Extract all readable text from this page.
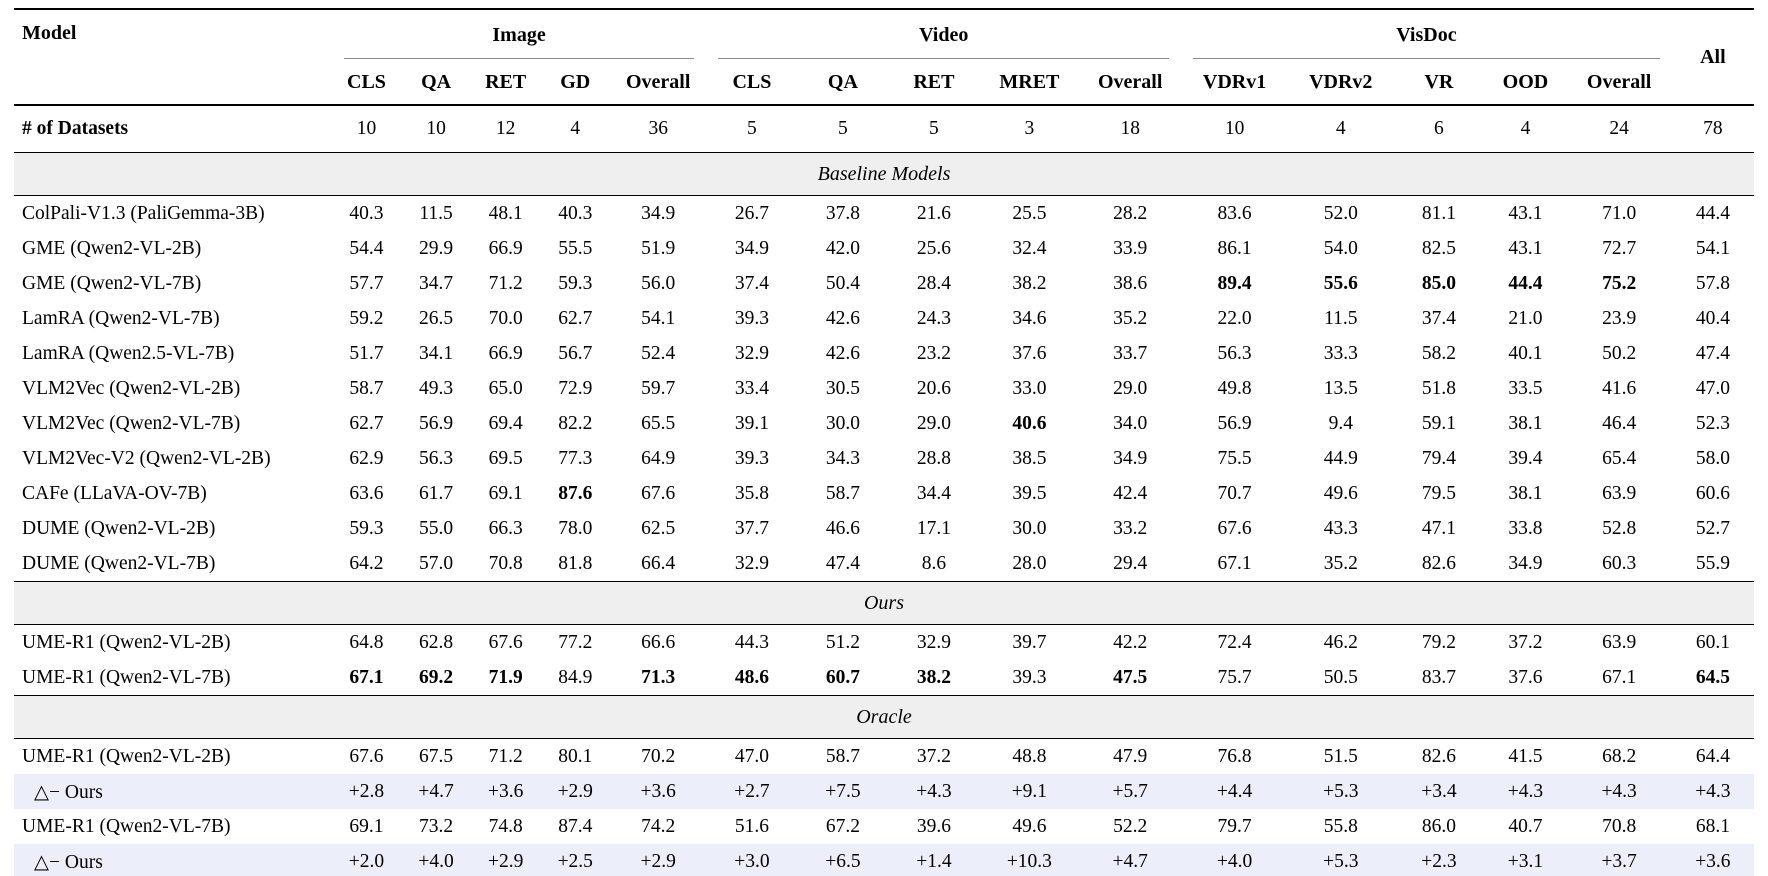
Model	Image					Video					VisDoc					All
	CLS	QA	RET	GD	Overall	CLS	QA	RET	MRET	Overall	VDRv1	VDRv2	VR	OOD	Overall	
# of Datasets	10	10	12	4	36	5	5	5	3	18	10	4	6	4	24	78
Baseline Models																
ColPali-V1.3 (PaliGemma-3B)	40.3	11.5	48.1	40.3	34.9	26.7	37.8	21.6	25.5	28.2	83.6	52.0	81.1	43.1	71.0	44.4
GME (Qwen2-VL-2B)	54.4	29.9	66.9	55.5	51.9	34.9	42.0	25.6	32.4	33.9	86.1	54.0	82.5	43.1	72.7	54.1
GME (Qwen2-VL-7B)	57.7	34.7	71.2	59.3	56.0	37.4	50.4	28.4	38.2	38.6	89.4	55.6	85.0	44.4	75.2	57.8
LamRA (Qwen2-VL-7B)	59.2	26.5	70.0	62.7	54.1	39.3	42.6	24.3	34.6	35.2	22.0	11.5	37.4	21.0	23.9	40.4
LamRA (Qwen2.5-VL-7B)	51.7	34.1	66.9	56.7	52.4	32.9	42.6	23.2	37.6	33.7	56.3	33.3	58.2	40.1	50.2	47.4
VLM2Vec (Qwen2-VL-2B)	58.7	49.3	65.0	72.9	59.7	33.4	30.5	20.6	33.0	29.0	49.8	13.5	51.8	33.5	41.6	47.0
VLM2Vec (Qwen2-VL-7B)	62.7	56.9	69.4	82.2	65.5	39.1	30.0	29.0	40.6	34.0	56.9	9.4	59.1	38.1	46.4	52.3
VLM2Vec-V2 (Qwen2-VL-2B)	62.9	56.3	69.5	77.3	64.9	39.3	34.3	28.8	38.5	34.9	75.5	44.9	79.4	39.4	65.4	58.0
CAFe (LLaVA-OV-7B)	63.6	61.7	69.1	87.6	67.6	35.8	58.7	34.4	39.5	42.4	70.7	49.6	79.5	38.1	63.9	60.6
DUME (Qwen2-VL-2B)	59.3	55.0	66.3	78.0	62.5	37.7	46.6	17.1	30.0	33.2	67.6	43.3	47.1	33.8	52.8	52.7
DUME (Qwen2-VL-7B)	64.2	57.0	70.8	81.8	66.4	32.9	47.4	8.6	28.0	29.4	67.1	35.2	82.6	34.9	60.3	55.9
Ours																
UME-R1 (Qwen2-VL-2B)	64.8	62.8	67.6	77.2	66.6	44.3	51.2	32.9	39.7	42.2	72.4	46.2	79.2	37.2	63.9	60.1
UME-R1 (Qwen2-VL-7B)	67.1	69.2	71.9	84.9	71.3	48.6	60.7	38.2	39.3	47.5	75.7	50.5	83.7	37.6	67.1	64.5
Oracle																
UME-R1 (Qwen2-VL-2B)	67.6	67.5	71.2	80.1	70.2	47.0	58.7	37.2	48.8	47.9	76.8	51.5	82.6	41.5	68.2	64.4
△− Ours	+2.8	+4.7	+3.6	+2.9	+3.6	+2.7	+7.5	+4.3	+9.1	+5.7	+4.4	+5.3	+3.4	+4.3	+4.3	+4.3
UME-R1 (Qwen2-VL-7B)	69.1	73.2	74.8	87.4	74.2	51.6	67.2	39.6	49.6	52.2	79.7	55.8	86.0	40.7	70.8	68.1
△− Ours	+2.0	+4.0	+2.9	+2.5	+2.9	+3.0	+6.5	+1.4	+10.3	+4.7	+4.0	+5.3	+2.3	+3.1	+3.7	+3.6
